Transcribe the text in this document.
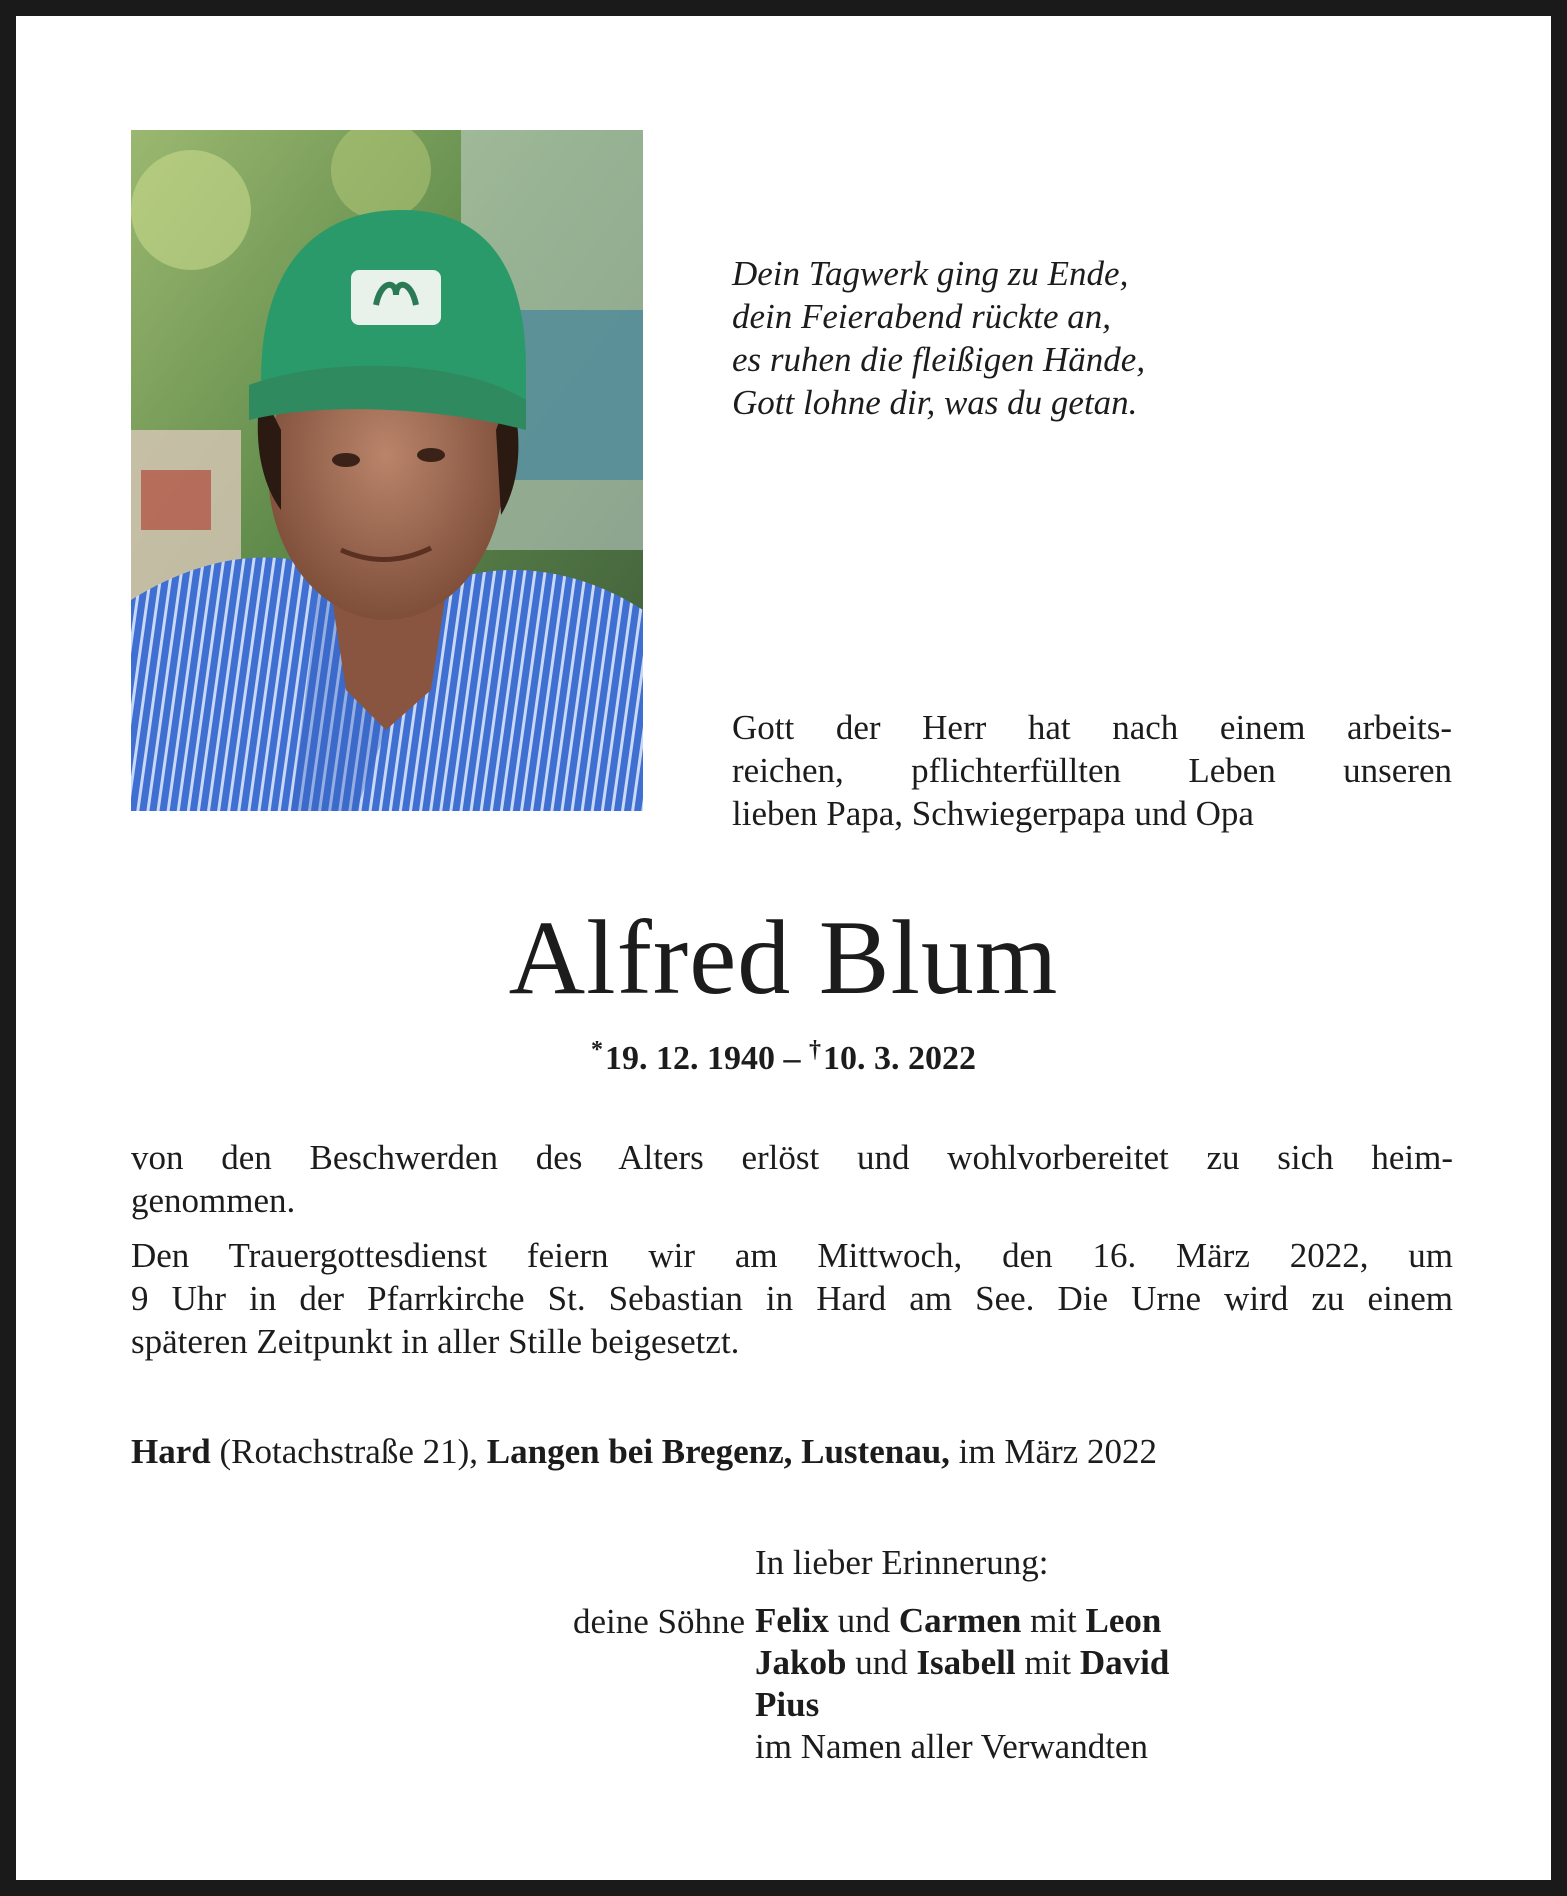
Dein Tagwerk ging zu Ende,
dein Feierabend rückte an,
es ruhen die fleißigen Hände,
Gott lohne dir, was du getan.
Gott der Herr hat nach einem arbeits-
reichen, pflichterfüllten Leben unseren
lieben Papa, Schwiegerpapa und Opa
Alfred Blum
*19. 12. 1940 – †10. 3. 2022

von den Beschwerden des Alters erlöst und wohlvorbereitet zu sich heim-

genommen.

Den Trauergottesdienst feiern wir am Mittwoch, den 16. März 2022, um

9 Uhr in der Pfarrkirche St. Sebastian in Hard am See. Die Urne wird zu einem

späteren Zeitpunkt in aller Stille beigesetzt.

Hard (Rotachstraße 21), Langen bei Bregenz, Lustenau, im März 2022
deine Söhne
In lieber Erinnerung:
Felix und Carmen mit Leon
Jakob und Isabell mit David
Pius
im Namen aller Verwandten
